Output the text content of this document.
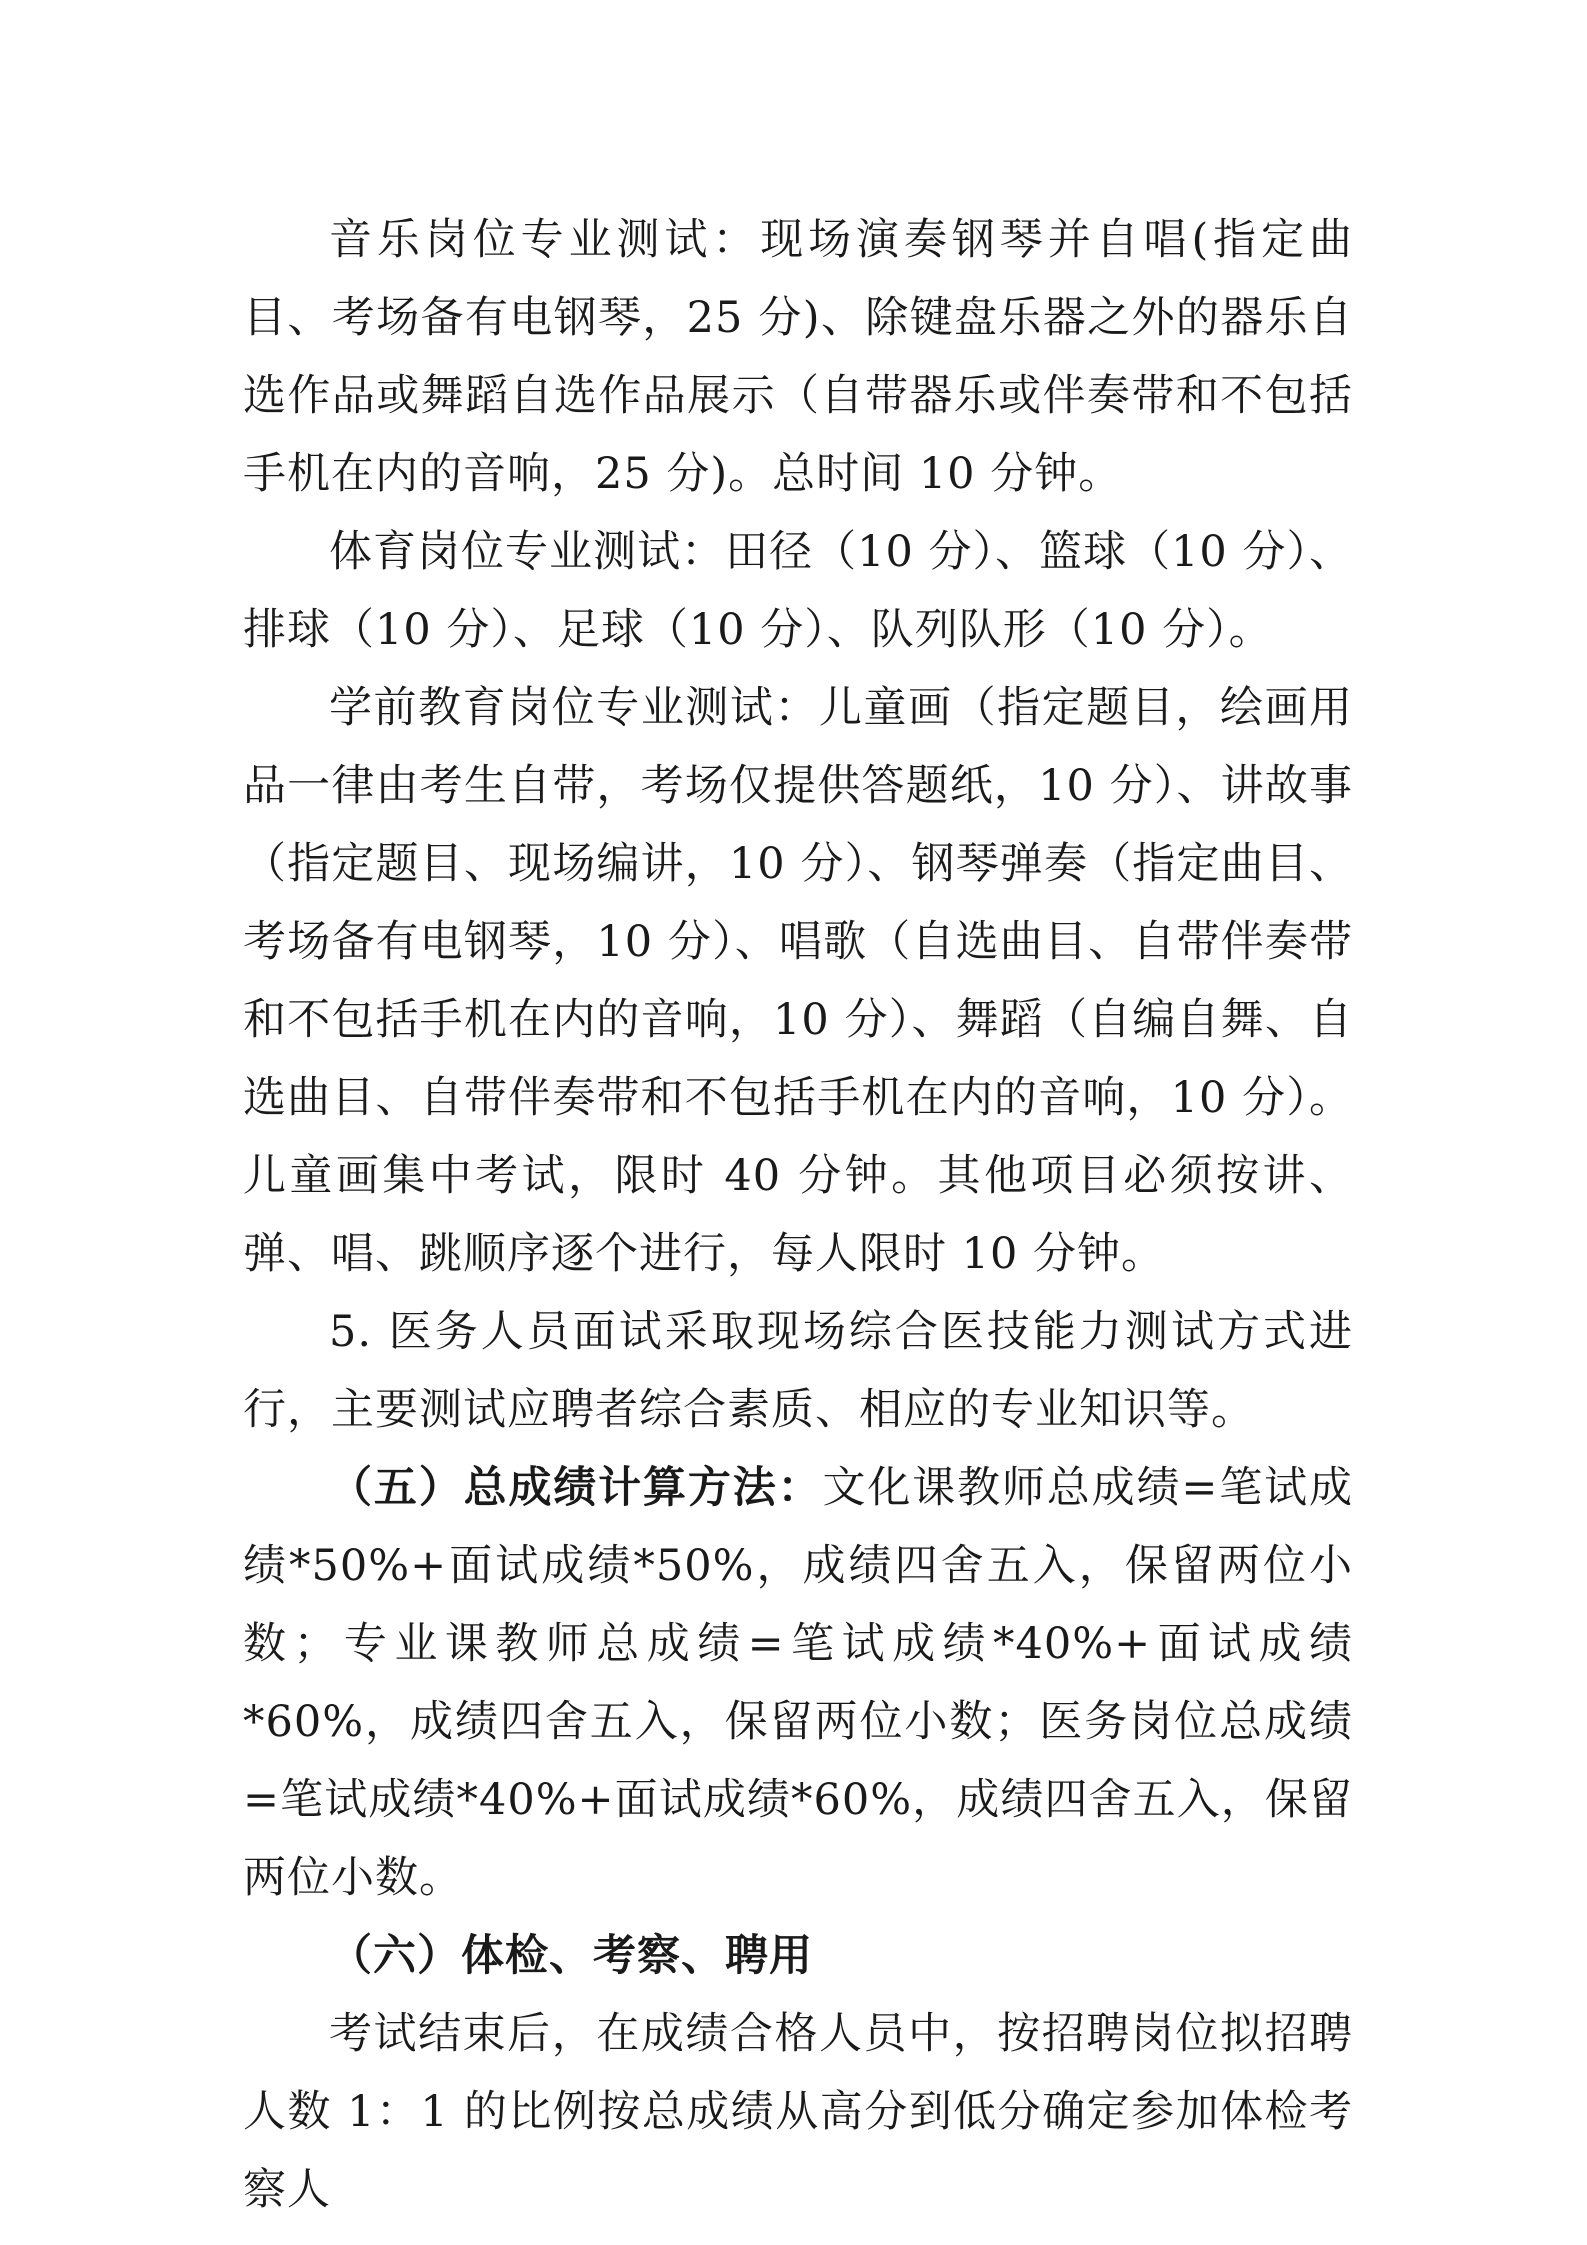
音乐岗位专业测试：现场演奏钢琴并自唱(指定曲目、考场备有电钢琴，25 分)、除键盘乐器之外的器乐自选作品或舞蹈自选作品展示（自带器乐或伴奏带和不包括手机在内的音响，25 分)。总时间 10 分钟。

体育岗位专业测试：田径（10 分）、篮球（10 分）、排球（10 分）、足球（10 分）、队列队形（10 分）。

学前教育岗位专业测试：儿童画（指定题目，绘画用品一律由考生自带，考场仅提供答题纸，10 分）、讲故事（指定题目、现场编讲，10 分）、钢琴弹奏（指定曲目、考场备有电钢琴，10 分）、唱歌（自选曲目、自带伴奏带和不包括手机在内的音响，10 分）、舞蹈（自编自舞、自选曲目、自带伴奏带和不包括手机在内的音响，10 分）。儿童画集中考试，限时 40 分钟。其他项目必须按讲、弹、唱、跳顺序逐个进行，每人限时 10 分钟。

5. 医务人员面试采取现场综合医技能力测试方式进行，主要测试应聘者综合素质、相应的专业知识等。

（五）总成绩计算方法：文化课教师总成绩=笔试成绩*50%+面试成绩*50%，成绩四舍五入，保留两位小数；专业课教师总成绩=笔试成绩*40%+面试成绩*60%，成绩四舍五入，保留两位小数；医务岗位总成绩=笔试成绩*40%+面试成绩*60%，成绩四舍五入，保留两位小数。

（六）体检、考察、聘用

考试结束后，在成绩合格人员中，按招聘岗位拟招聘人数 1：1 的比例按总成绩从高分到低分确定参加体检考察人
